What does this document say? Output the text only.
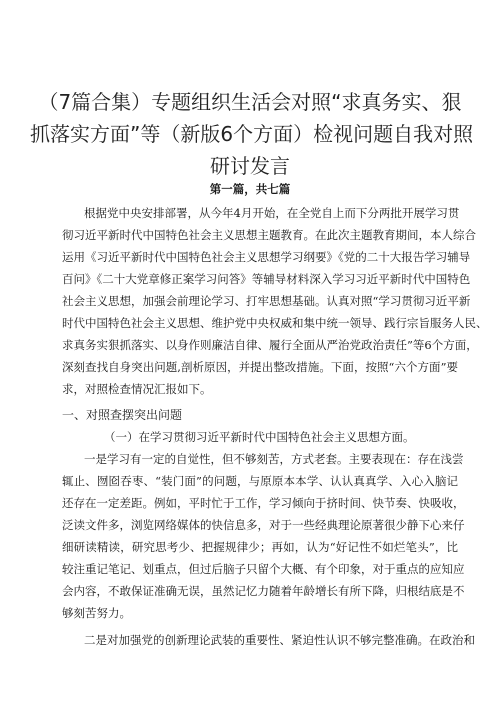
（7篇合集）专题组织生活会对照“求真务实、狠
抓落实方面”等（新版6个方面）检视问题自我对照
研讨发言
第一篇，共七篇
根据党中央安排部署，从今年4月开始，在全党自上而下分两批开展学习贯
彻习近平新时代中国特色社会主义思想主题教育。在此次主题教育期间，本人综合
运用《习近平新时代中国特色社会主义思想学习纲要》《党的二十大报告学习辅导
百问》《二十大党章修正案学习问答》等辅导材料深入学习习近平新时代中国特色
社会主义思想，加强会前理论学习、打牢思想基础。认真对照“学习贯彻习近平新
时代中国特色社会主义思想、维护党中央权威和集中统一领导、践行宗旨服务人民、
求真务实狠抓落实、以身作则廉洁自律、履行全面从严治党政治责任”等6个方面，
深刻查找自身突出问题,剖析原因，并提出整改措施。下面，按照“六个方面”要
求，对照检查情况汇报如下。
一、对照查摆突出问题
（一）在学习贯彻习近平新时代中国特色社会主义思想方面。
一是学习有一定的自觉性，但不够刻苦，方式老套。主要表现在：存在浅尝
辄止、囫囵吞枣、“装门面”的问题，与原原本本学、认认真真学、入心入脑记
还存在一定差距。例如，平时忙于工作，学习倾向于挤时间、快节奏、快吸收，
泛读文件多，浏览网络媒体的快信息多，对于一些经典理论原著很少静下心来仔
细研读精读，研究思考少、把握规律少；再如，认为“好记性不如烂笔头”，比
较注重记笔记、划重点，但过后脑子只留个大概、有个印象，对于重点的应知应
会内容，不敢保证准确无误，虽然记忆力随着年龄增长有所下降，归根结底是不
够刻苦努力。
二是对加强党的创新理论武装的重要性、紧迫性认识不够完整准确。在政治和
